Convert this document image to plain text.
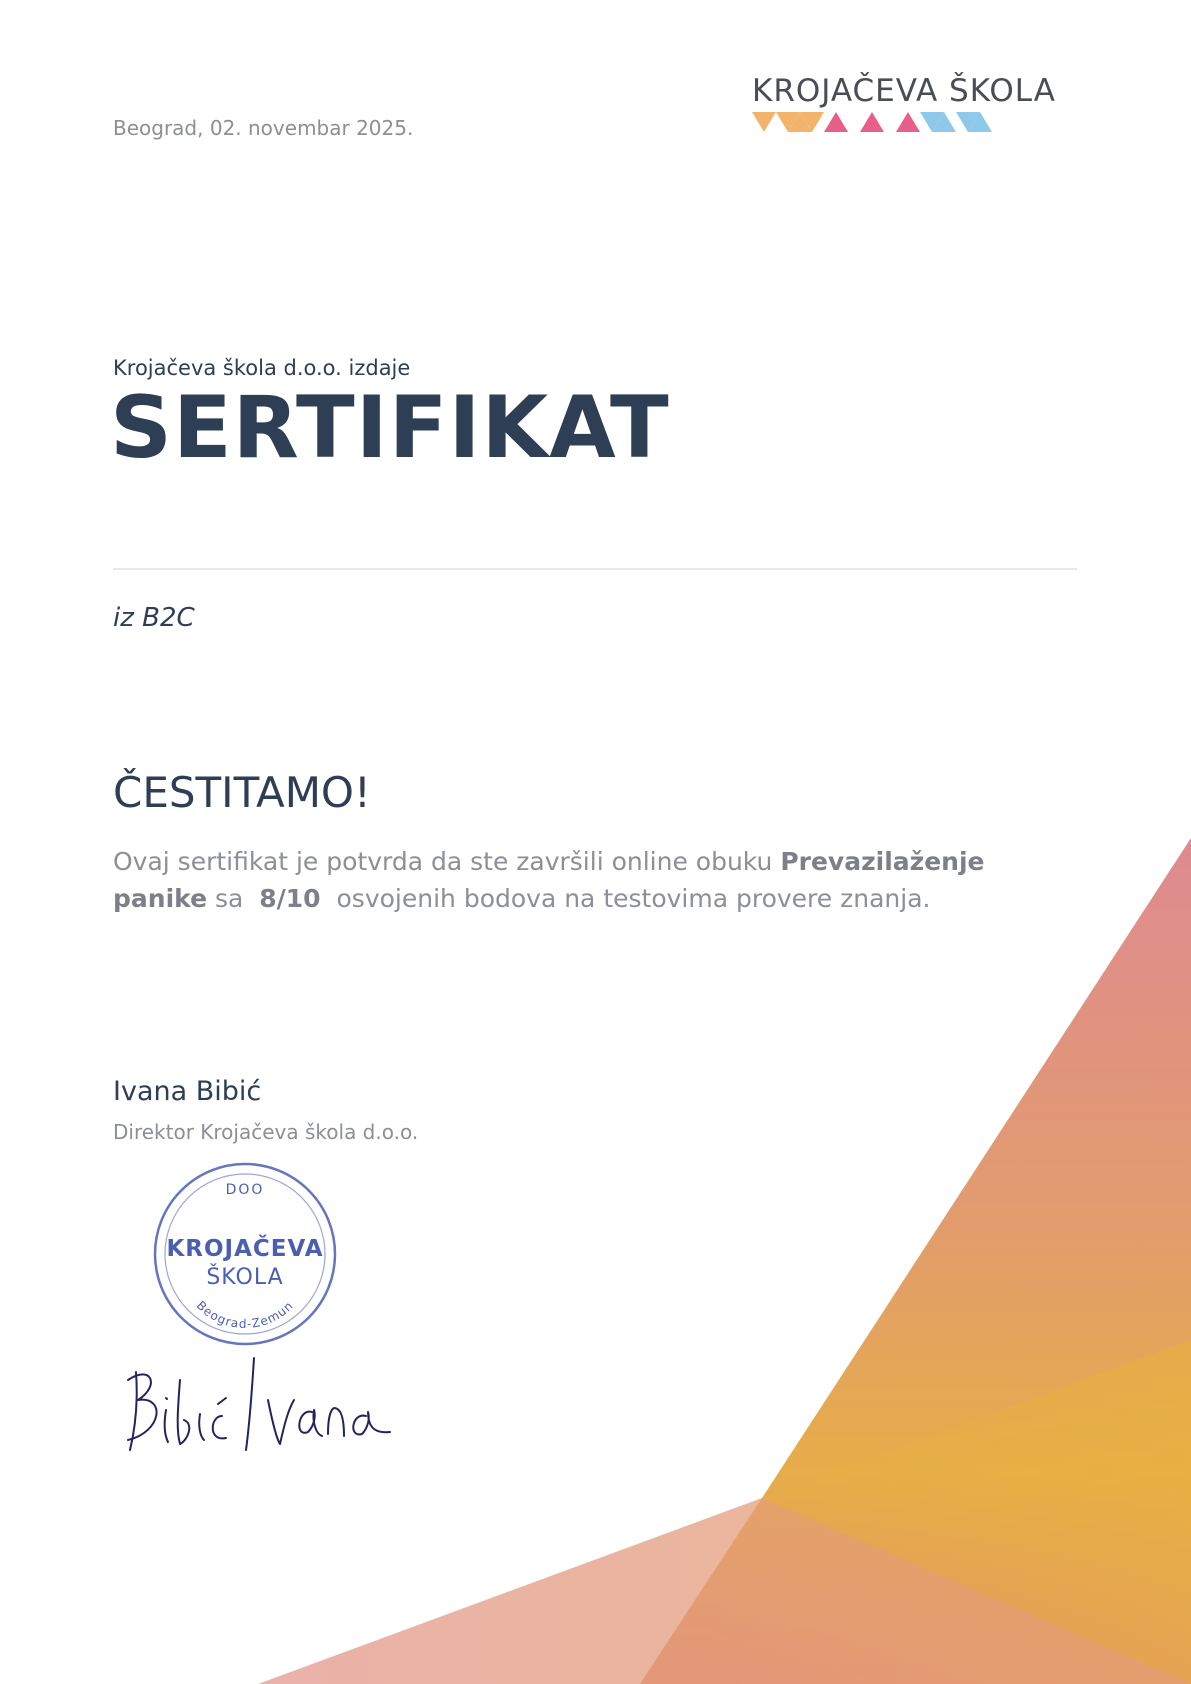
Beograd, 02. novembar 2025.
KROJAČEVA ŠKOLA
Krojačeva škola d.o.o. izdaje
SERTIFIKAT
iz B2C
ČESTITAMO!
Ovaj sertifikat je potvrda da ste završili online obuku Prevazilaženje panike sa 8/10 osvojenih bodova na testovima provere znanja.
Ivana Bibić
Direktor Krojačeva škola d.o.o.
DOO
KROJAČEVA
ŠKOLA
Beograd-Zemun
